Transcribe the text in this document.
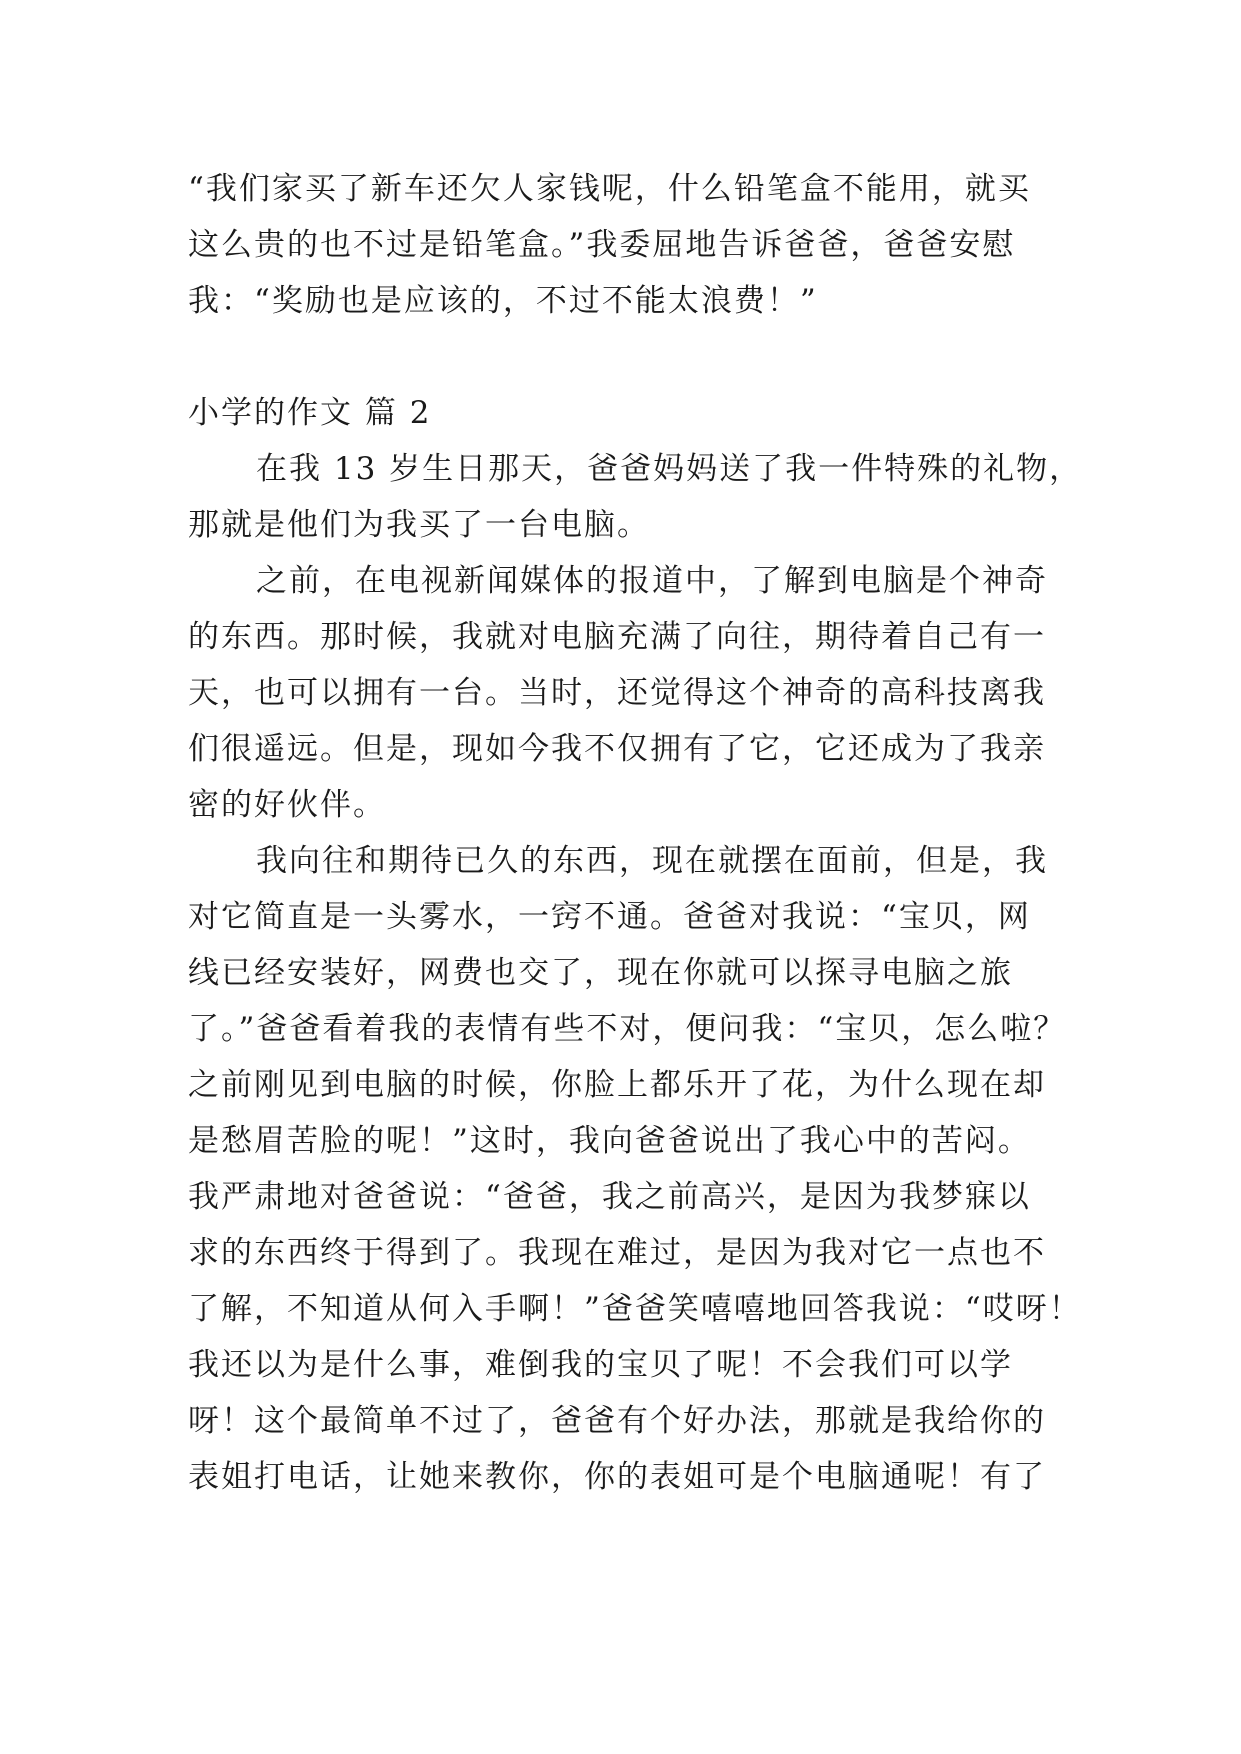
“我们家买了新车还欠人家钱呢，什么铅笔盒不能用，就买
这么贵的也不过是铅笔盒。”我委屈地告诉爸爸，爸爸安慰
我：“奖励也是应该的，不过不能太浪费！”
小学的作文 篇 2
在我 13 岁生日那天，爸爸妈妈送了我一件特殊的礼物，
那就是他们为我买了一台电脑。
之前，在电视新闻媒体的报道中，了解到电脑是个神奇
的东西。那时候，我就对电脑充满了向往，期待着自己有一
天，也可以拥有一台。当时，还觉得这个神奇的高科技离我
们很遥远。但是，现如今我不仅拥有了它，它还成为了我亲
密的好伙伴。
我向往和期待已久的东西，现在就摆在面前，但是，我
对它简直是一头雾水，一窍不通。爸爸对我说：“宝贝，网
线已经安装好，网费也交了，现在你就可以探寻电脑之旅
了。”爸爸看着我的表情有些不对，便问我：“宝贝，怎么啦？
之前刚见到电脑的时候，你脸上都乐开了花，为什么现在却
是愁眉苦脸的呢！”这时，我向爸爸说出了我心中的苦闷。
我严肃地对爸爸说：“爸爸，我之前高兴，是因为我梦寐以
求的东西终于得到了。我现在难过，是因为我对它一点也不
了解，不知道从何入手啊！”爸爸笑嘻嘻地回答我说：“哎呀！
我还以为是什么事，难倒我的宝贝了呢！不会我们可以学
呀！这个最简单不过了，爸爸有个好办法，那就是我给你的
表姐打电话，让她来教你，你的表姐可是个电脑通呢！有了
